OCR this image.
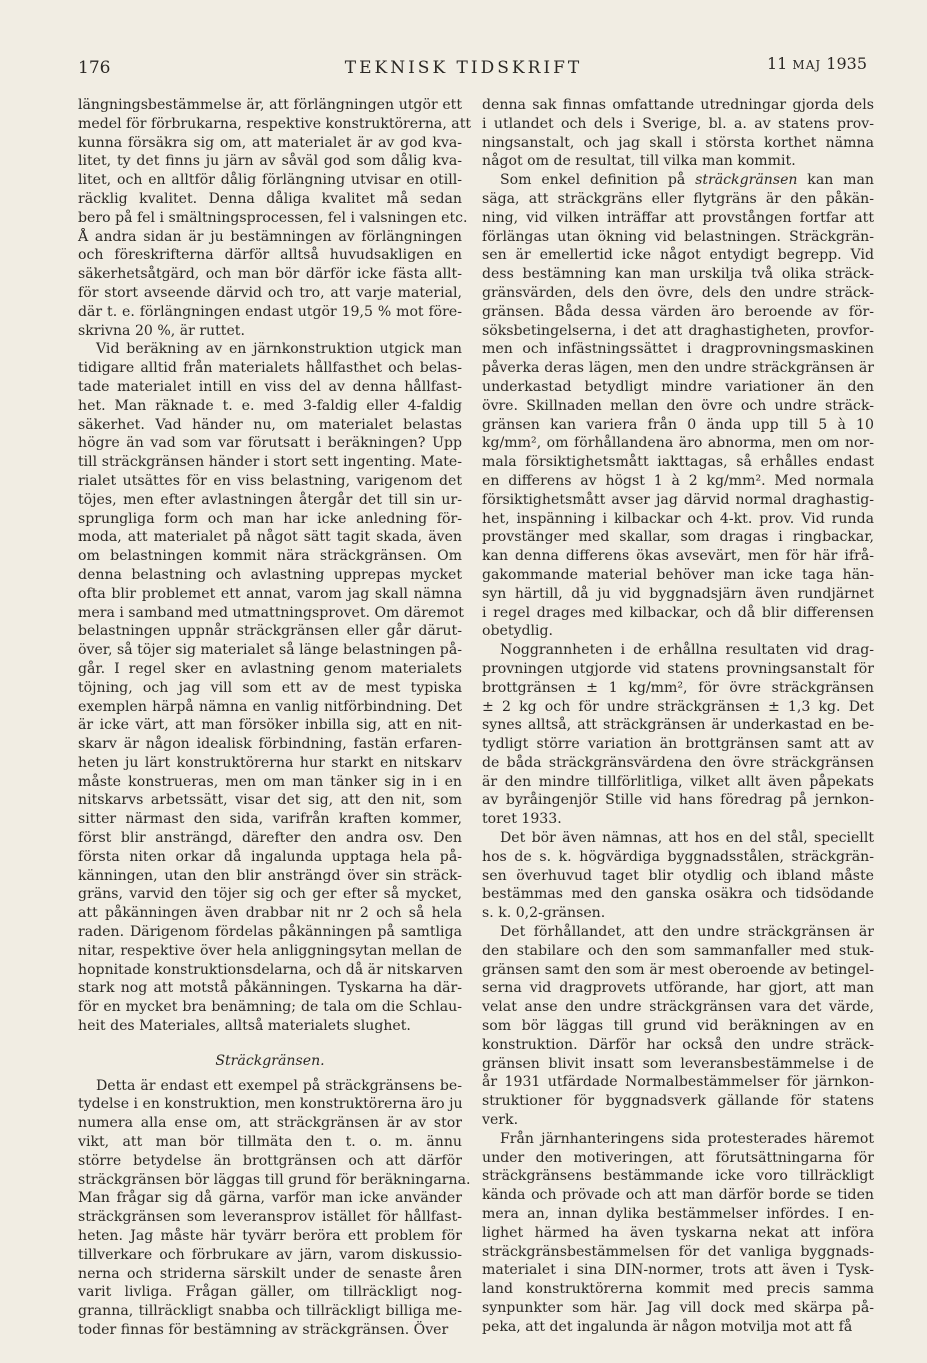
176	TEKNISK TIDSKRIFT	11 MAJ 1935

längningsbestämmelse är, att förlängningen utgör ett

medel för förbrukarna, respektive konstruktörerna, att

kunna försäkra sig om, att materialet är av god kva-

litet, ty det finns ju järn av såväl god som dålig kva-

litet, och en alltför dålig förlängning utvisar en otill-

räcklig kvalitet. Denna dåliga kvalitet må sedan

bero på fel i smältningsprocessen, fel i valsningen etc.

Å andra sidan är ju bestämningen av förlängningen

och föreskrifterna därför alltså huvudsakligen en

säkerhetsåtgärd, och man bör därför icke fästa allt-

för stort avseende därvid och tro, att varje material,

där t. e. förlängningen endast utgör 19,5 % mot före-

skrivna 20 %, är ruttet.

Vid beräkning av en järnkonstruktion utgick man

tidigare alltid från materialets hållfasthet och belas-

tade materialet intill en viss del av denna hållfast-

het. Man räknade t. e. med 3-faldig eller 4-faldig

säkerhet. Vad händer nu, om materialet belastas

högre än vad som var förutsatt i beräkningen? Upp

till sträckgränsen händer i stort sett ingenting. Mate-

rialet utsättes för en viss belastning, varigenom det

töjes, men efter avlastningen återgår det till sin ur-

sprungliga form och man har icke anledning för-

moda, att materialet på något sätt tagit skada, även

om belastningen kommit nära sträckgränsen. Om

denna belastning och avlastning upprepas mycket

ofta blir problemet ett annat, varom jag skall nämna

mera i samband med utmattningsprovet. Om däremot

belastningen uppnår sträckgränsen eller går därut-

över, så töjer sig materialet så länge belastningen på-

går. I regel sker en avlastning genom materialets

töjning, och jag vill som ett av de mest typiska

exemplen härpå nämna en vanlig nitförbindning. Det

är icke värt, att man försöker inbilla sig, att en nit-

skarv är någon idealisk förbindning, fastän erfaren-

heten ju lärt konstruktörerna hur starkt en nitskarv

måste konstrueras, men om man tänker sig in i en

nitskarvs arbetssätt, visar det sig, att den nit, som

sitter närmast den sida, varifrån kraften kommer,

först blir ansträngd, därefter den andra osv. Den

första niten orkar då ingalunda upptaga hela på-

känningen, utan den blir ansträngd över sin sträck-

gräns, varvid den töjer sig och ger efter så mycket,

att påkänningen även drabbar nit nr 2 och så hela

raden. Därigenom fördelas påkänningen på samtliga

nitar, respektive över hela anliggningsytan mellan de

hopnitade konstruktionsdelarna, och då är nitskarven

stark nog att motstå påkänningen. Tyskarna ha där-

för en mycket bra benämning; de tala om die Schlau-

heit des Materiales, alltså materialets slughet.

Sträckgränsen.

Detta är endast ett exempel på sträckgränsens be-

tydelse i en konstruktion, men konstruktörerna äro ju

numera alla ense om, att sträckgränsen är av stor

vikt, att man bör tillmäta den t. o. m. ännu

större betydelse än brottgränsen och att därför

sträckgränsen bör läggas till grund för beräkningarna.

Man frågar sig då gärna, varför man icke använder

sträckgränsen som leveransprov istället för hållfast-

heten. Jag måste här tyvärr beröra ett problem för

tillverkare och förbrukare av järn, varom diskussio-

nerna och striderna särskilt under de senaste åren

varit livliga. Frågan gäller, om tillräckligt nog-

granna, tillräckligt snabba och tillräckligt billiga me-

toder finnas för bestämning av sträckgränsen. Över

denna sak finnas omfattande utredningar gjorda dels

i utlandet och dels i Sverige, bl. a. av statens prov-

ningsanstalt, och jag skall i största korthet nämna

något om de resultat, till vilka man kommit.

Som enkel definition på sträckgränsen kan man

säga, att sträckgräns eller flytgräns är den påkän-

ning, vid vilken inträffar att provstången fortfar att

förlängas utan ökning vid belastningen. Sträckgrän-

sen är emellertid icke något entydigt begrepp. Vid

dess bestämning kan man urskilja två olika sträck-

gränsvärden, dels den övre, dels den undre sträck-

gränsen. Båda dessa värden äro beroende av för-

söksbetingelserna, i det att draghastigheten, provfor-

men och infästningssättet i dragprovningsmaskinen

påverka deras lägen, men den undre sträckgränsen är

underkastad betydligt mindre variationer än den

övre. Skillnaden mellan den övre och undre sträck-

gränsen kan variera från 0 ända upp till 5 à 10

kg/mm², om förhållandena äro abnorma, men om nor-

mala försiktighetsmått iakttagas, så erhålles endast

en differens av högst 1 à 2 kg/mm². Med normala

försiktighetsmått avser jag därvid normal draghastig-

het, inspänning i kilbackar och 4-kt. prov. Vid runda

provstänger med skallar, som dragas i ringbackar,

kan denna differens ökas avsevärt, men för här ifrå-

gakommande material behöver man icke taga hän-

syn härtill, då ju vid byggnadsjärn även rundjärnet

i regel drages med kilbackar, och då blir differensen

obetydlig.

Noggrannheten i de erhållna resultaten vid drag-

provningen utgjorde vid statens provningsanstalt för

brottgränsen ± 1 kg/mm², för övre sträckgränsen

± 2 kg och för undre sträckgränsen ± 1,3 kg. Det

synes alltså, att sträckgränsen är underkastad en be-

tydligt större variation än brottgränsen samt att av

de båda sträckgränsvärdena den övre sträckgränsen

är den mindre tillförlitliga, vilket allt även påpekats

av byråingenjör Stille vid hans föredrag på jernkon-

toret 1933.

Det bör även nämnas, att hos en del stål, speciellt

hos de s. k. högvärdiga byggnadsstålen, sträckgrän-

sen överhuvud taget blir otydlig och ibland måste

bestämmas med den ganska osäkra och tidsödande

s. k. 0,2-gränsen.

Det förhållandet, att den undre sträckgränsen är

den stabilare och den som sammanfaller med stuk-

gränsen samt den som är mest oberoende av betingel-

serna vid dragprovets utförande, har gjort, att man

velat anse den undre sträckgränsen vara det värde,

som bör läggas till grund vid beräkningen av en

konstruktion. Därför har också den undre sträck-

gränsen blivit insatt som leveransbestämmelse i de

år 1931 utfärdade Normalbestämmelser för järnkon-

struktioner för byggnadsverk gällande för statens

verk.

Från järnhanteringens sida protesterades häremot

under den motiveringen, att förutsättningarna för

sträckgränsens bestämmande icke voro tillräckligt

kända och prövade och att man därför borde se tiden

mera an, innan dylika bestämmelser infördes. I en-

lighet härmed ha även tyskarna nekat att införa

sträckgränsbestämmelsen för det vanliga byggnads-

materialet i sina DIN-normer, trots att även i Tysk-

land konstruktörerna kommit med precis samma

synpunkter som här. Jag vill dock med skärpa på-

peka, att det ingalunda är någon motvilja mot att få
